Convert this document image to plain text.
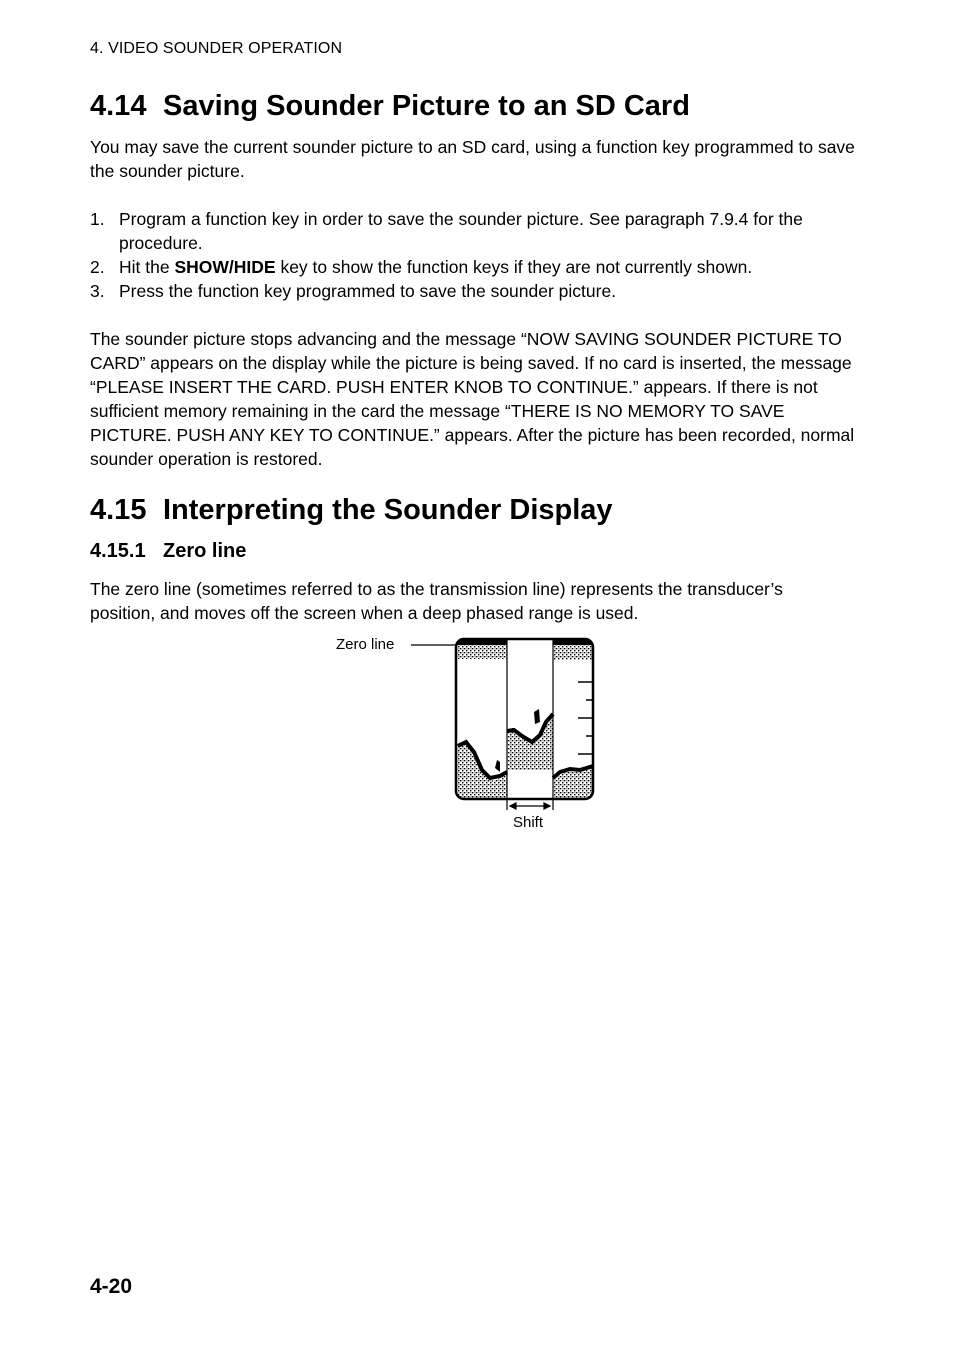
4. VIDEO SOUNDER OPERATION
4.14 Saving Sounder Picture to an SD Card

You may save the current sounder picture to an SD card, using a function key programmed to save the sounder picture.

1. Program a function key in order to save the sounder picture. See paragraph 7.9.4 for the procedure.
2. Hit the SHOW/HIDE key to show the function keys if they are not currently shown.
3. Press the function key programmed to save the sounder picture.

The sounder picture stops advancing and the message “NOW SAVING SOUNDER PICTURE TO CARD” appears on the display while the picture is being saved. If no card is inserted, the message “PLEASE INSERT THE CARD. PUSH ENTER KNOB TO CONTINUE.” appears. If there is not sufficient memory remaining in the card the message “THERE IS NO MEMORY TO SAVE PICTURE. PUSH ANY KEY TO CONTINUE.” appears. After the picture has been recorded, normal sounder operation is restored.

4.15 Interpreting the Sounder Display
4.15.1 Zero line

The zero line (sometimes referred to as the transmission line) represents the transducer’s position, and moves off the screen when a deep phased range is used.

Zero line
Shift
4-20
